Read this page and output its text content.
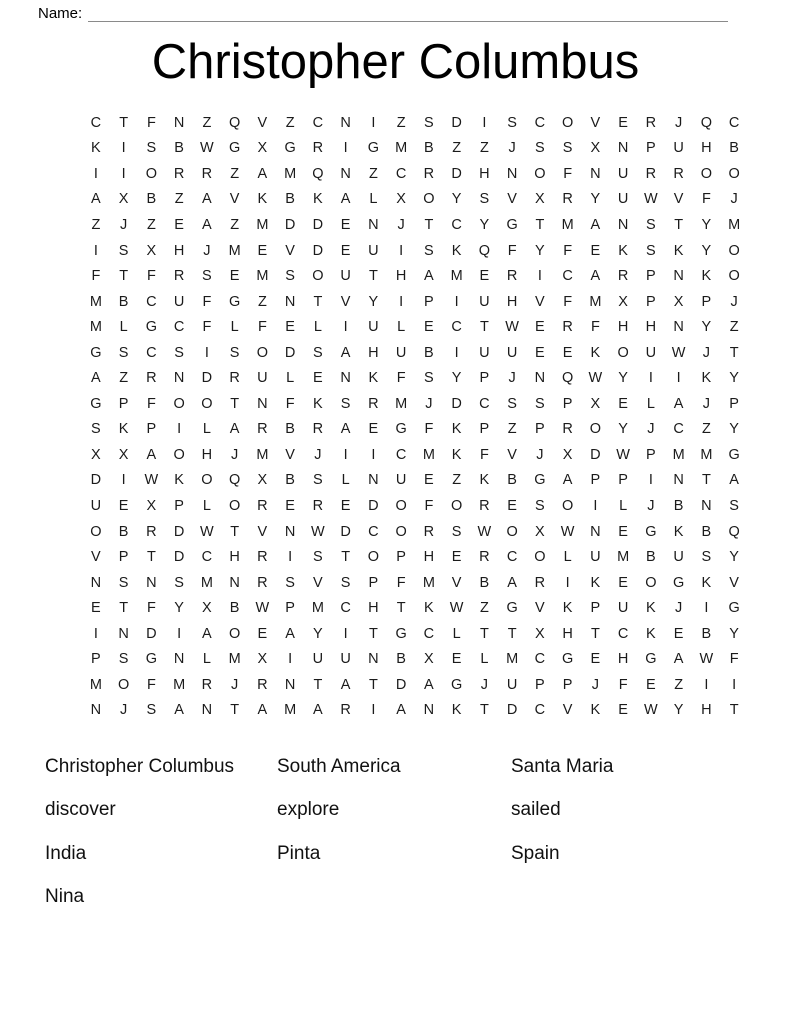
Name:
Christopher Columbus
C	T	F	N	Z	Q	V	Z	C	N	I	Z	S	D	I	S	C	O	V	E	R	J	Q	C
K	I	S	B	W	G	X	G	R	I	G	M	B	Z	Z	J	S	S	X	N	P	U	H	B
I	I	O	R	R	Z	A	M	Q	N	Z	C	R	D	H	N	O	F	N	U	R	R	O	O
A	X	B	Z	A	V	K	B	K	A	L	X	O	Y	S	V	X	R	Y	U	W	V	F	J
Z	J	Z	E	A	Z	M	D	D	E	N	J	T	C	Y	G	T	M	A	N	S	T	Y	M
I	S	X	H	J	M	E	V	D	E	U	I	S	K	Q	F	Y	F	E	K	S	K	Y	O
F	T	F	R	S	E	M	S	O	U	T	H	A	M	E	R	I	C	A	R	P	N	K	O
M	B	C	U	F	G	Z	N	T	V	Y	I	P	I	U	H	V	F	M	X	P	X	P	J
M	L	G	C	F	L	F	E	L	I	U	L	E	C	T	W	E	R	F	H	H	N	Y	Z
G	S	C	S	I	S	O	D	S	A	H	U	B	I	U	U	E	E	K	O	U	W	J	T
A	Z	R	N	D	R	U	L	E	N	K	F	S	Y	P	J	N	Q	W	Y	I	I	K	Y
G	P	F	O	O	T	N	F	K	S	R	M	J	D	C	S	S	P	X	E	L	A	J	P
S	K	P	I	L	A	R	B	R	A	E	G	F	K	P	Z	P	R	O	Y	J	C	Z	Y
X	X	A	O	H	J	M	V	J	I	I	C	M	K	F	V	J	X	D	W	P	M	M	G
D	I	W	K	O	Q	X	B	S	L	N	U	E	Z	K	B	G	A	P	P	I	N	T	A
U	E	X	P	L	O	R	E	R	E	D	O	F	O	R	E	S	O	I	L	J	B	N	S
O	B	R	D	W	T	V	N	W	D	C	O	R	S	W	O	X	W	N	E	G	K	B	Q
V	P	T	D	C	H	R	I	S	T	O	P	H	E	R	C	O	L	U	M	B	U	S	Y
N	S	N	S	M	N	R	S	V	S	P	F	M	V	B	A	R	I	K	E	O	G	K	V
E	T	F	Y	X	B	W	P	M	C	H	T	K	W	Z	G	V	K	P	U	K	J	I	G
I	N	D	I	A	O	E	A	Y	I	T	G	C	L	T	T	X	H	T	C	K	E	B	Y
P	S	G	N	L	M	X	I	U	U	N	B	X	E	L	M	C	G	E	H	G	A	W	F
M	O	F	M	R	J	R	N	T	A	T	D	A	G	J	U	P	P	J	F	E	Z	I	I
N	J	S	A	N	T	A	M	A	R	I	A	N	K	T	D	C	V	K	E	W	Y	H	T
Christopher Columbus	South America	Santa Maria
discover	explore	sailed
India	Pinta	Spain
Nina
